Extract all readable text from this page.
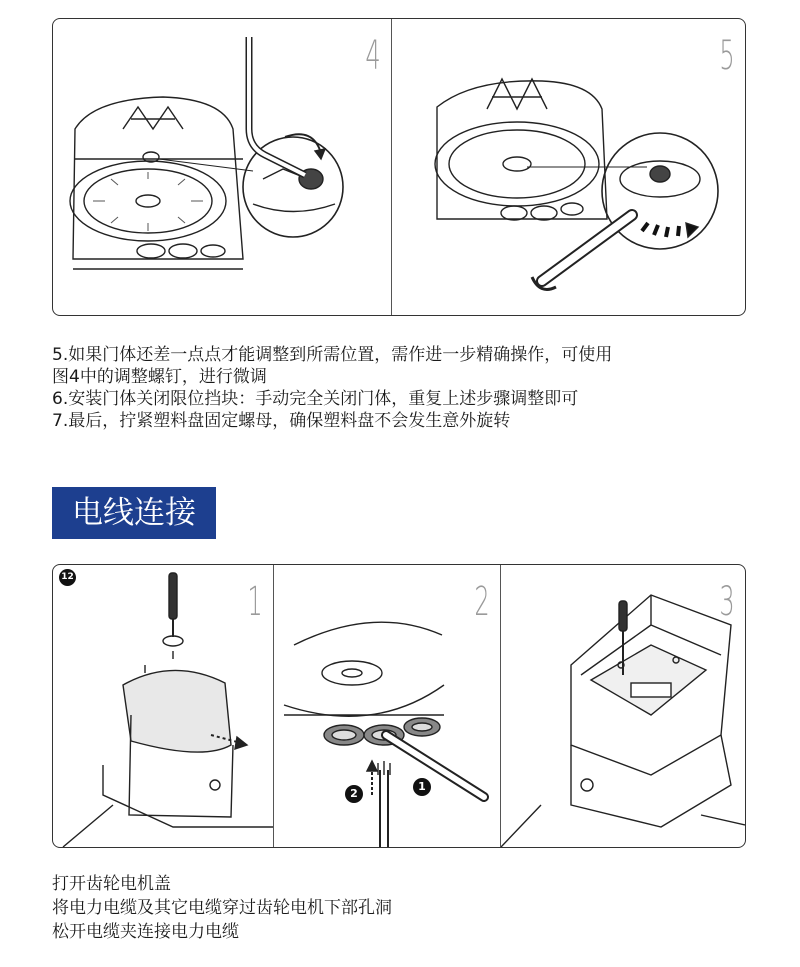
4	5

5.如果门体还差一点点才能调整到所需位置，需作进一步精确操作，可使用

图4中的调整螺钉，进行微调

6.安装门体关闭限位挡块：手动完全关闭门体，重复上述步骤调整即可

7.最后，拧紧塑料盘固定螺母，确保塑料盘不会发生意外旋转

电线连接
12
1
1
2
2	3

打开齿轮电机盖

将电力电缆及其它电缆穿过齿轮电机下部孔洞

松开电缆夹连接电力电缆
